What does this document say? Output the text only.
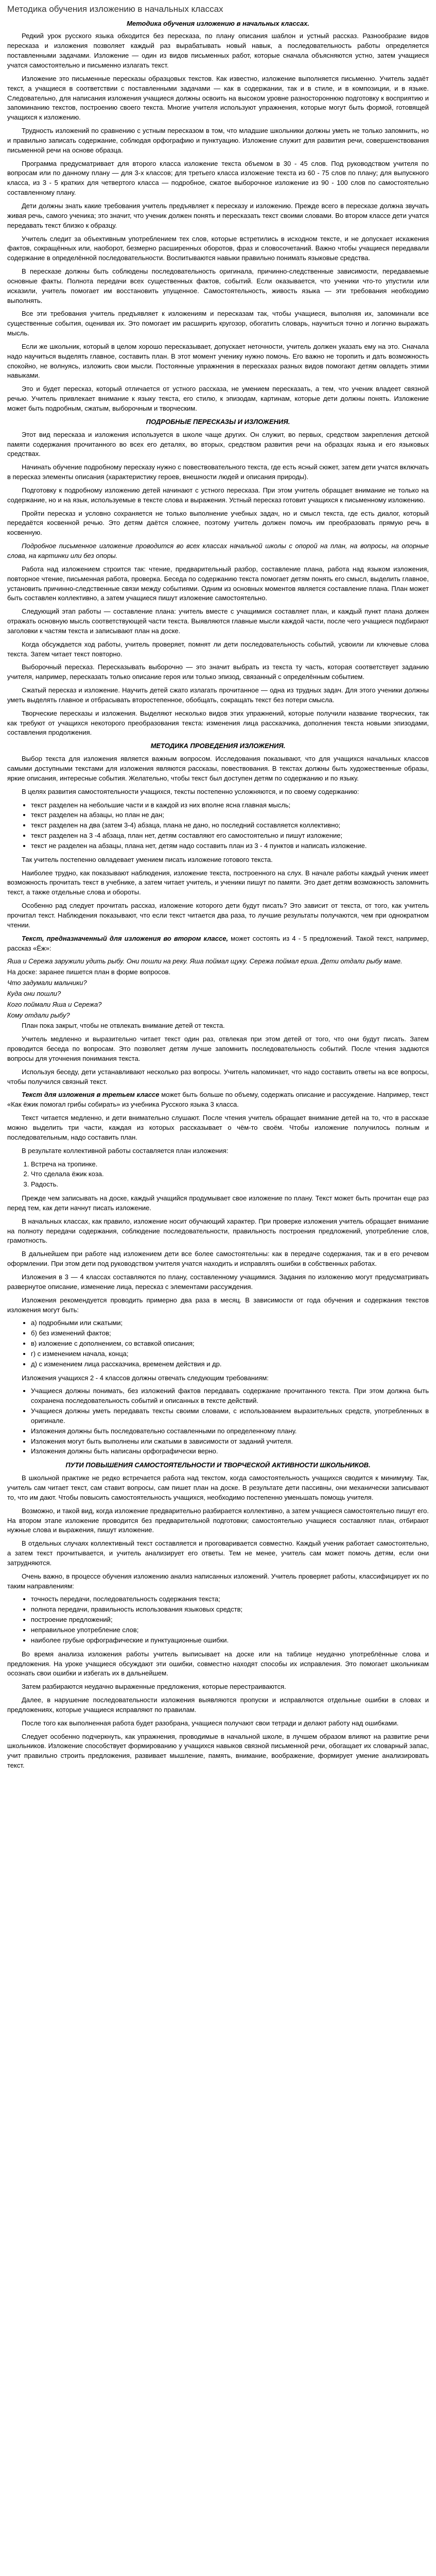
Методика обучения изложению в начальных классах
Методика обучения изложению в начальных классах.

Редкий урок русского языка обходится без пересказа, по плану описания шаблон и устный рассказ. Разнообразие видов пересказа и изложения позволяет каждый раз вырабатывать новый навык, а последовательность работы определяется поставленными задачами. Изложение — один из видов письменных работ, которые сначала объясняются устно, затем учащиеся учатся самостоятельно и письменно излагать текст.

Изложение это письменные пересказы образцовых текстов. Как известно, изложение выполняется письменно. Учитель задаёт текст, а учащиеся в соответствии с поставленными задачами — как в содержании, так и в стиле, и в композиции, и в языке. Следовательно, для написания изложения учащиеся должны освоить на высоком уровне разностороннюю подготовку к восприятию и запоминанию текстов, построению своего текста. Многие учителя используют упражнения, которые могут быть формой, готовящей учащихся к изложению.

Трудность изложений по сравнению с устным пересказом в том, что младшие школьники должны уметь не только запомнить, но и правильно записать содержание, соблюдая орфографию и пунктуацию. Изложение служит для развития речи, совершенствования письменной речи на основе образца.

Программа предусматривает для второго класса изложение текста объемом в 30 - 45 слов. Под руководством учителя по вопросам или по данному плану — для 3-х классов; для третьего класса изложение текста из 60 - 75 слов по плану; для выпускного класса, из 3 - 5 кратких для четвертого класса — подробное, сжатое выборочное изложение из 90 - 100 слов по самостоятельно составленному плану.

Дети должны знать какие требования учитель предъявляет к пересказу и изложению. Прежде всего в пересказе должна звучать живая речь, самого ученика; это значит, что ученик должен понять и пересказать текст своими словами. Во втором классе дети учатся передавать текст близко к образцу.

Учитель следит за объективным употреблением тех слов, которые встретились в исходном тексте, и не допускает искажения фактов, сокращённых или, наоборот, безмерно расширенных оборотов, фраз и словосочетаний. Важно чтобы учащиеся передавали содержание в определённой последовательности. Воспитываются навыки правильно понимать языковые средства.

В пересказе должны быть соблюдены последовательность оригинала, причинно-следственные зависимости, передаваемые основные факты. Полнота передачи всех существенных фактов, событий. Если оказывается, что ученики что-то упустили или исказили, учитель помогает им восстановить упущенное. Самостоятельность, живость языка — эти требования необходимо выполнять.

Все эти требования учитель предъявляет к изложениям и пересказам так, чтобы учащиеся, выполняя их, запоминали все существенные события, оценивая их. Это помогает им расширить кругозор, обогатить словарь, научиться точно и логично выражать мысль.

Если же школьник, который в целом хорошо пересказывает, допускает неточности, учитель должен указать ему на это. Сначала надо научиться выделять главное, составить план. В этот момент ученику нужно помочь. Его важно не торопить и дать возможность спокойно, не волнуясь, изложить свои мысли. Постоянные упражнения в пересказах разных видов помогают детям овладеть этими навыками.

Это и будет пересказ, который отличается от устного рассказа, не умением пересказать, а тем, что ученик владеет связной речью. Учитель привлекает внимание к языку текста, его стилю, к эпизодам, картинам, которые дети должны понять. Изложение может быть подробным, сжатым, выборочным и творческим.

ПОДРОБНЫЕ ПЕРЕСКАЗЫ И ИЗЛОЖЕНИЯ.

Этот вид пересказа и изложения используется в школе чаще других. Он служит, во первых, средством закрепления детской памяти содержания прочитанного во всех его деталях, во вторых, средством развития речи на образцах языка и его языковых средствах.

Начинать обучение подробному пересказу нужно с повествовательного текста, где есть ясный сюжет, затем дети учатся включать в пересказ элементы описания (характеристику героев, внешности людей и описания природы).

Подготовку к подробному изложению детей начинают с устного пересказа. При этом учитель обращает внимание не только на содержание, но и на язык, используемые в тексте слова и выражения. Устный пересказ готовит учащихся к письменному изложению.

Пройти пересказ и условно сохраняется не только выполнение учебных задач, но и смысл текста, где есть диалог, который передаётся косвенной речью. Это детям даётся сложнее, поэтому учитель должен помочь им преобразовать прямую речь в косвенную.

Подробное письменное изложение проводится во всех классах начальной школы с опорой на план, на вопросы, на опорные слова, на картинки или без опоры.

Работа над изложением строится так: чтение, предварительный разбор, составление плана, работа над языком изложения, повторное чтение, письменная работа, проверка. Беседа по содержанию текста помогает детям понять его смысл, выделить главное, установить причинно-следственные связи между событиями. Одним из основных моментов является составление плана. План может быть составлен коллективно, а затем учащиеся пишут изложение самостоятельно.

Следующий этап работы — составление плана: учитель вместе с учащимися составляет план, и каждый пункт плана должен отражать основную мысль соответствующей части текста. Выявляются главные мысли каждой части, после чего учащиеся подбирают заголовки к частям текста и записывают план на доске.

Когда обсуждается ход работы, учитель проверяет, помнят ли дети последовательность событий, усвоили ли ключевые слова текста. Затем читает текст повторно.

Выборочный пересказ. Пересказывать выборочно — это значит выбрать из текста ту часть, которая соответствует заданию учителя, например, пересказать только описание героя или только эпизод, связанный с определённым событием.

Сжатый пересказ и изложение. Научить детей сжато излагать прочитанное — одна из трудных задач. Для этого ученики должны уметь выделять главное и отбрасывать второстепенное, обобщать, сокращать текст без потери смысла.

Творческие пересказы и изложения. Выделяют несколько видов этих упражнений, которые получили название творческих, так как требуют от учащихся некоторого преобразования текста: изменения лица рассказчика, дополнения текста новыми эпизодами, составления продолжения.

МЕТОДИКА ПРОВЕДЕНИЯ ИЗЛОЖЕНИЯ.

Выбор текста для изложения является важным вопросом. Исследования показывают, что для учащихся начальных классов самыми доступными текстами для изложения являются рассказы, повествования. В текстах должны быть художественные образы, яркие описания, интересные события. Желательно, чтобы текст был доступен детям по содержанию и по языку.

В целях развития самостоятельности учащихся, тексты постепенно усложняются, и по своему содержанию:

• текст разделен на небольшие части и в каждой из них вполне ясна главная мысль;
• текст разделен на абзацы, но план не дан;
• текст разделен на два (затем 3-4) абзаца, плана не дано, но последний составляется коллективно;
• текст разделен на 3 -4 абзаца, план нет, детям составляют его самостоятельно и пишут изложение;
• текст не разделен на абзацы, плана нет, детям надо составить план из 3 - 4 пунктов и написать изложение.

Так учитель постепенно овладевает умением писать изложение готового текста.

Наиболее трудно, как показывают наблюдения, изложение текста, построенного на слух. В начале работы каждый ученик имеет возможность прочитать текст в учебнике, а затем читает учитель, и ученики пишут по памяти. Это дает детям возможность запомнить текст, а также отдельные слова и обороты.

Особенно рад следует прочитать рассказ, изложение которого дети будут писать? Это зависит от текста, от того, как учитель прочитал текст. Наблюдения показывают, что если текст читается два раза, то лучшие результаты получаются, чем при однократном чтении.

Текст, предназначенный для изложения во втором классе, может состоять из 4 - 5 предложений. Такой текст, например, рассказ «Ёж»:

Яша и Сережа заружили удить рыбу. Они пошли на реку. Яша поймал щуку. Сережа поймал ерша. Дети отдали рыбу маме.

На доске: заранее пишется план в форме вопросов.

Что задумали мальчики?

Куда они пошли?

Кого поймали Яша и Сережа?

Кому отдали рыбу?

План пока закрыт, чтобы не отвлекать внимание детей от текста.

Учитель медленно и выразительно читает текст один раз, отвлекая при этом детей от того, что они будут писать. Затем проводится беседа по вопросам. Это позволяет детям лучше запомнить последовательность событий. После чтения задаются вопросы для уточнения понимания текста.

Используя беседу, дети устанавливают несколько раз вопросы. Учитель напоминает, что надо составить ответы на все вопросы, чтобы получился связный текст.

Текст для изложения в третьем классе может быть больше по объему, содержать описание и рассуждение. Например, текст «Как ёжик помогал грибы собирать» из учебника Русского языка 3 класса.

Текст читается медленно, и дети внимательно слушают. После чтения учитель обращает внимание детей на то, что в рассказе можно выделить три части, каждая из которых рассказывает о чём-то своём. Чтобы изложение получилось полным и последовательным, надо составить план.

В результате коллективной работы составляется план изложения:

1. Встреча на тропинке.
2. Что сделала ёжик коза.
3. Радость.

Прежде чем записывать на доске, каждый учащийся продумывает свое изложение по плану. Текст может быть прочитан еще раз перед тем, как дети начнут писать изложение.

В начальных классах, как правило, изложение носит обучающий характер. При проверке изложения учитель обращает внимание на полноту передачи содержания, соблюдение последовательности, правильность построения предложений, употребление слов, грамотность.

В дальнейшем при работе над изложением дети все более самостоятельны: как в передаче содержания, так и в его речевом оформлении. При этом дети под руководством учителя учатся находить и исправлять ошибки в собственных работах.

Изложения в 3 — 4 классах составляются по плану, составленному учащимися. Задания по изложению могут предусматривать развернутое описание, изменение лица, пересказ с элементами рассуждения.

Изложения рекомендуется проводить примерно два раза в месяц. В зависимости от года обучения и содержания текстов изложения могут быть:

• а) подробными или сжатыми;
• б) без изменений фактов;
• в) изложение с дополнением, со вставкой описания;
• г) с изменением начала, конца;
• д) с изменением лица рассказчика, временем действия и др.

Изложения учащихся 2 - 4 классов должны отвечать следующим требованиям:

• Учащиеся должны понимать, без изложений фактов передавать содержание прочитанного текста. При этом должна быть сохранена последовательность событий и описанных в тексте действий.
• Учащиеся должны уметь передавать тексты своими словами, с использованием выразительных средств, употребленных в оригинале.
• Изложения должны быть последовательно составленными по определенному плану.
• Изложения могут быть выполнены или сжатыми в зависимости от заданий учителя.
• Изложения должны быть написаны орфографически верно.
ПУТИ ПОВЫШЕНИЯ САМОСТОЯТЕЛЬНОСТИ И ТВОРЧЕСКОЙ АКТИВНОСТИ ШКОЛЬНИКОВ.

В школьной практике не редко встречается работа над текстом, когда самостоятельность учащихся сводится к минимуму. Так, учитель сам читает текст, сам ставит вопросы, сам пишет план на доске. В результате дети пассивны, они механически записывают то, что им дают. Чтобы повысить самостоятельность учащихся, необходимо постепенно уменьшать помощь учителя.

Возможно, и такой вид, когда изложение предварительно разбирается коллективно, а затем учащиеся самостоятельно пишут его. На втором этапе изложение проводится без предварительной подготовки; самостоятельно учащиеся составляют план, отбирают нужные слова и выражения, пишут изложение.

В отдельных случаях коллективный текст составляется и проговаривается совместно. Каждый ученик работает самостоятельно, а затем текст прочитывается, и учитель анализирует его ответы. Тем не менее, учитель сам может помочь детям, если они затрудняются.

Очень важно, в процессе обучения изложению анализ написанных изложений. Учитель проверяет работы, классифицирует их по таким направлениям:

• точность передачи, последовательность содержания текста;
• полнота передачи, правильность использования языковых средств;
• построение предложений;
• неправильное употребление слов;
• наиболее грубые орфографические и пунктуационные ошибки.

Во время анализа изложения работы учитель выписывает на доске или на таблице неудачно употреблённые слова и предложения. На уроке учащиеся обсуждают эти ошибки, совместно находят способы их исправления. Это помогает школьникам осознать свои ошибки и избегать их в дальнейшем.

Затем разбираются неудачно выраженные предложения, которые перестраиваются.

Далее, в нарушение последовательности изложения выявляются пропуски и исправляются отдельные ошибки в словах и предложениях, которые учащиеся исправляют по правилам.

После того как выполненная работа будет разобрана, учащиеся получают свои тетради и делают работу над ошибками.

Следует особенно подчеркнуть, как упражнения, проводимые в начальной школе, в лучшем образом влияют на развитие речи школьников. Изложение способствует формированию у учащихся навыков связной письменной речи, обогащает их словарный запас, учит правильно строить предложения, развивает мышление, память, внимание, воображение, формирует умение анализировать текст.
